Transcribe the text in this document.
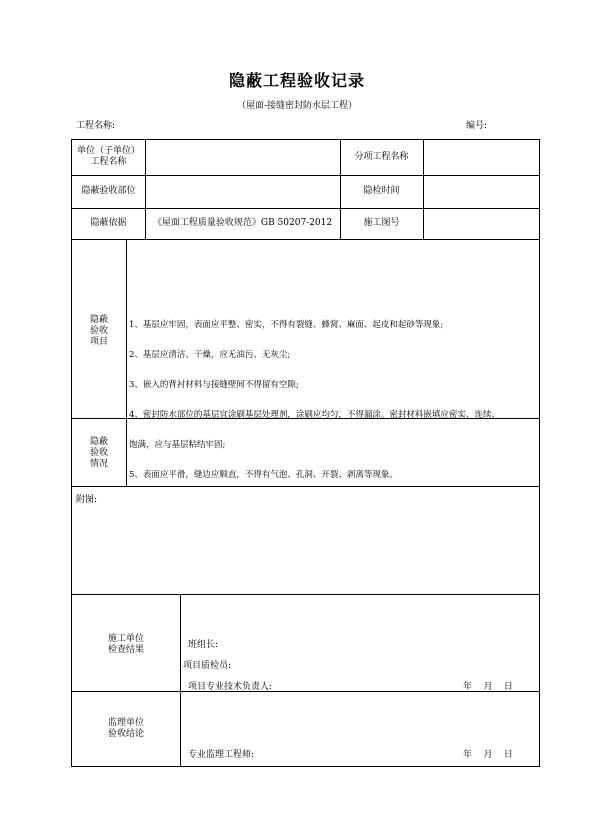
隐蔽工程验收记录
（屋面-接缝密封防水层工程）
工程名称:	编号:
单位（子单位）
工程名称	分项工程名称
隐蔽验收部位	隐检时间
隐蔽依据	《屋面工程质量验收规范》GB 50207-2012	施工图号
隐蔽
验收
项目

1、基层应牢固，表面应平整、密实，不得有裂缝、蜂窝、麻面、起皮和起砂等现象;

2、基层应清洁、干燥，应无油污、无灰尘;

3、嵌入的背衬材料与接缝壁间不得留有空隙;

4、密封防水部位的基层宜涂刷基层处理剂，涂刷应均匀，不得漏涂。密封材料嵌填应密实、连续、

饱满，应与基层粘结牢固;

5、表面应平滑，缝边应顺直，不得有气泡、孔洞、开裂、剥离等现象。

隐蔽
验收
情况
附图:
施工单位
检查结果	班组长:
项目质检员:
项目专业技术负责人:	年    月    日
监理单位
验收结论
专业监理工程师:	年    月    日
